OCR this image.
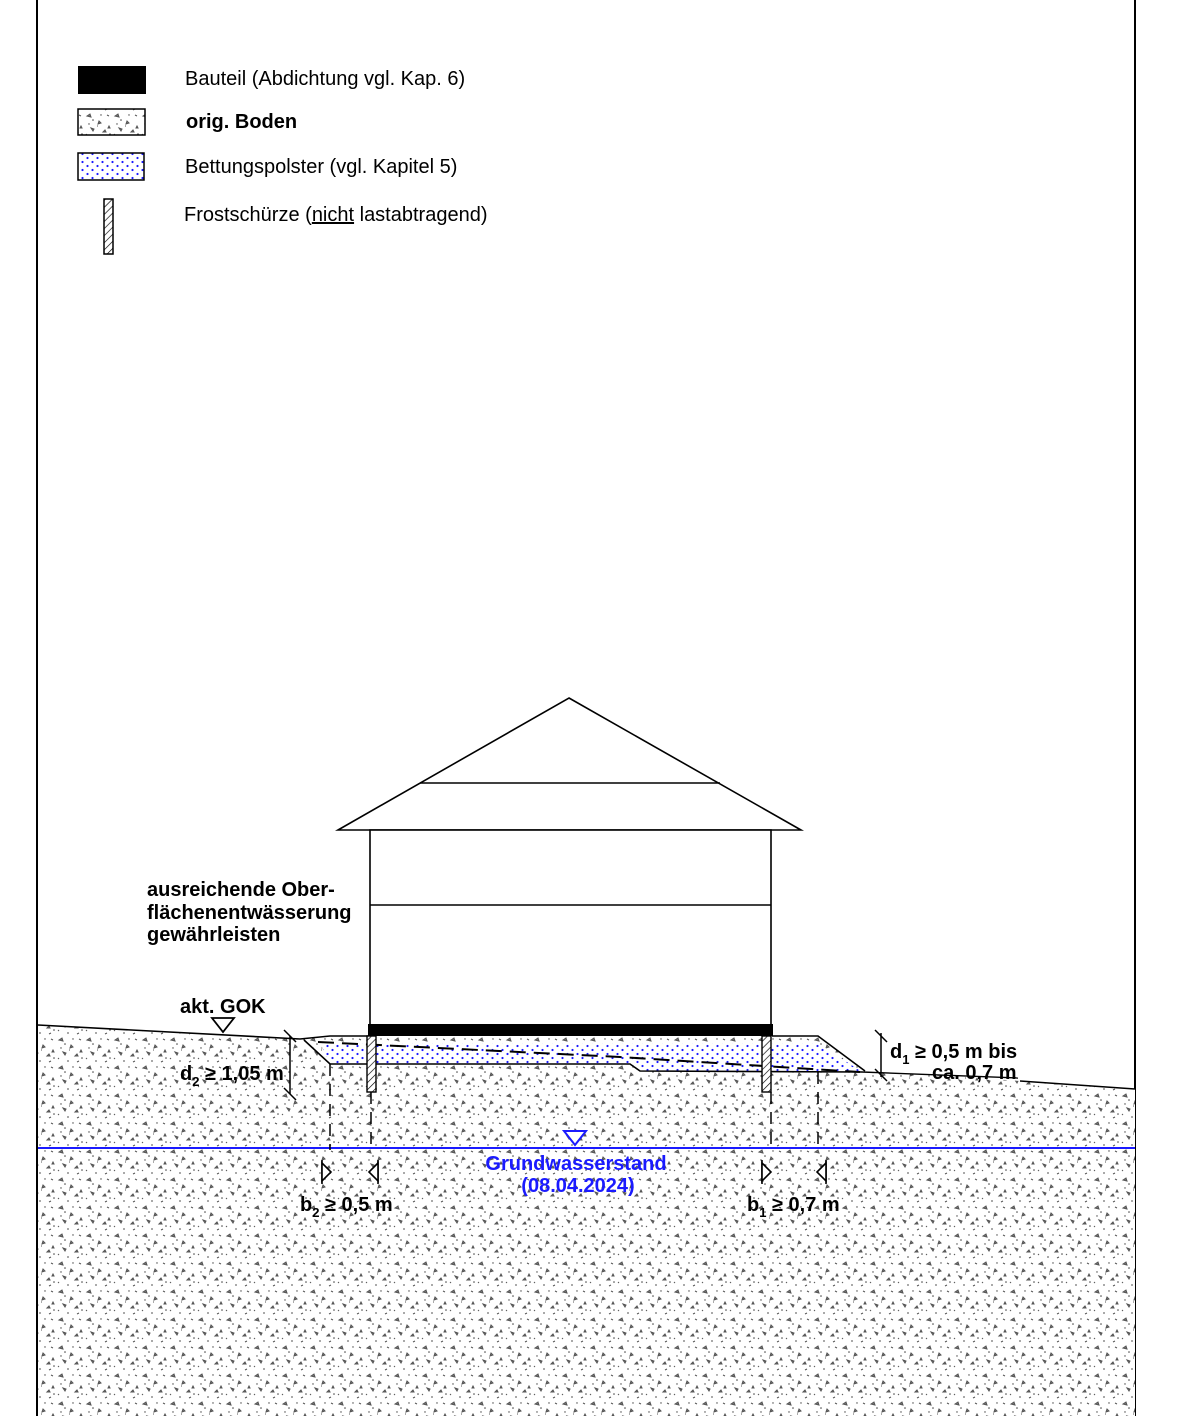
Bauteil (Abdichtung vgl. Kap. 6)
orig. Boden
Bettungspolster (vgl. Kapitel 5)
Frostschürze (nicht lastabtragend)
Grundwasserstand
(08.04.2024)
$b_2 \ge 0,5$ m	$b_1 \ge 0,7$ m
$d_2 \ge 1,05$ m
$d_1 \ge 0,5$ m bis
ca. 0,7 m
akt. GOK
ausreichende Ober-
flächenentwässerung
gewährleisten
